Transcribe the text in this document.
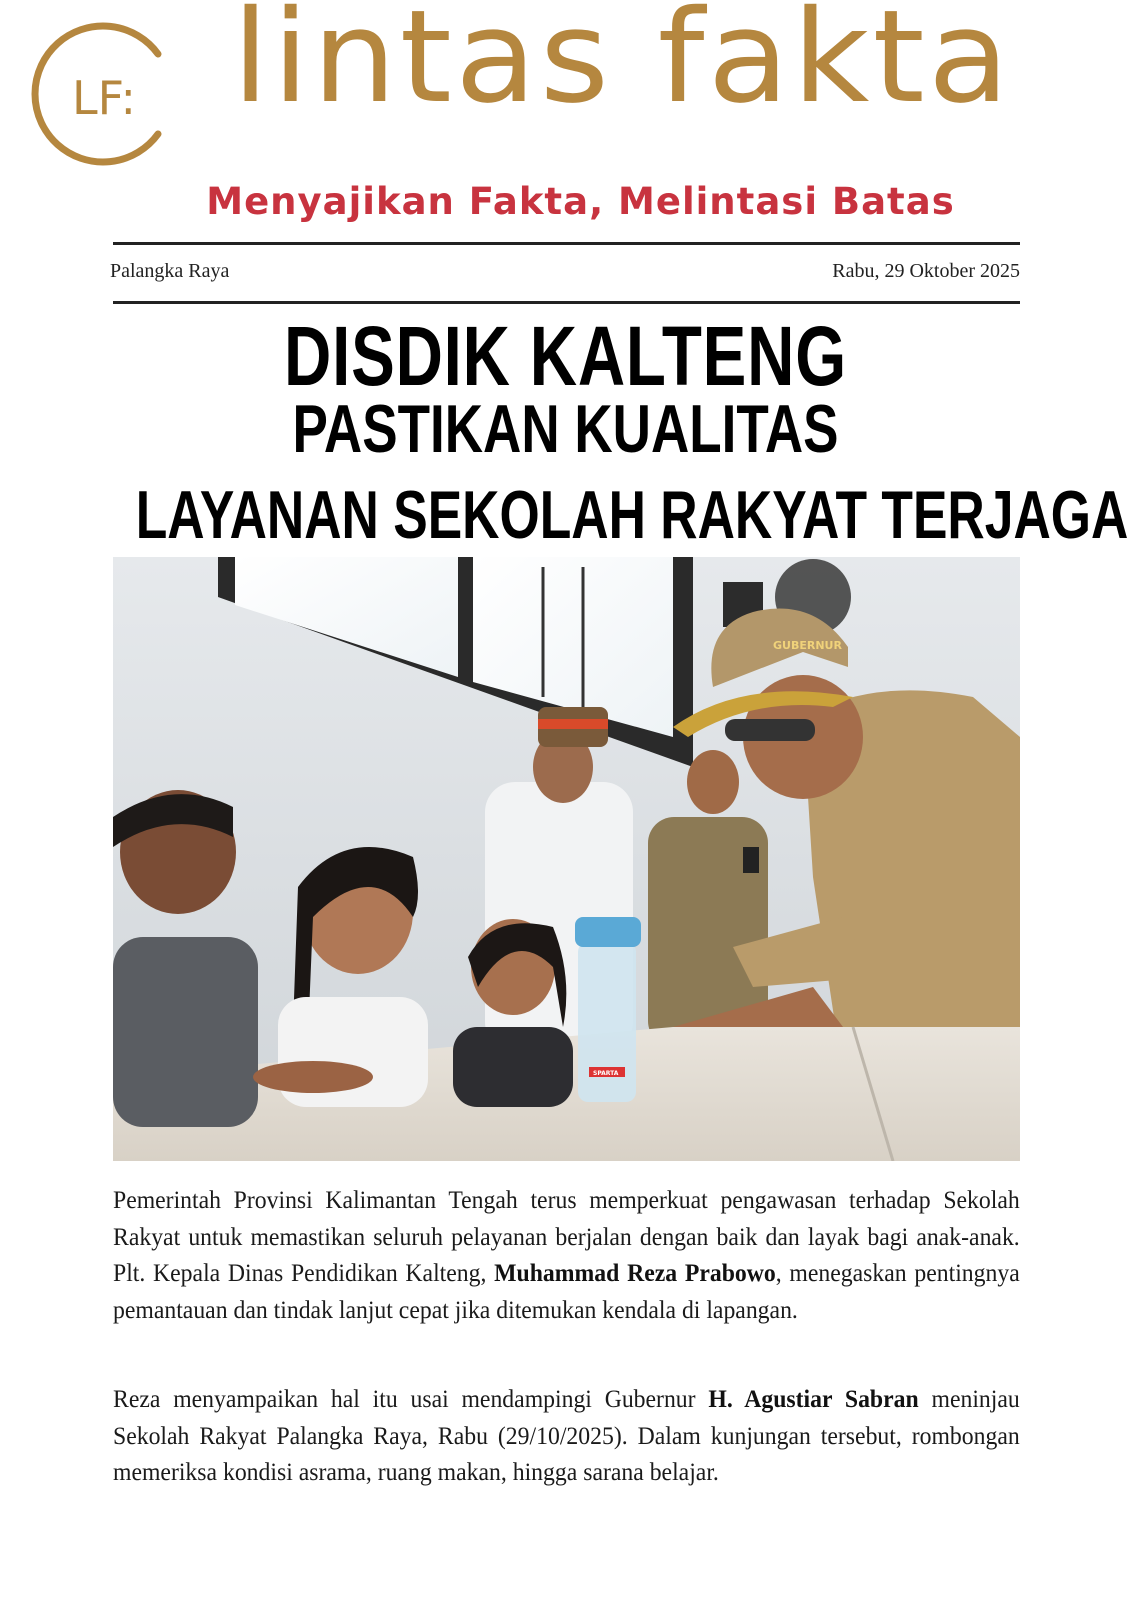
LF: lintas fakta
Menyajikan Fakta, Melintasi Batas
Palangka Raya	Rabu, 29 Oktober 2025
DISDIK KALTENG
PASTIKAN KUALITAS
LAYANAN SEKOLAH RAKYAT TERJAGA
GUBERNUR
SPARTA
Pemerintah Provinsi Kalimantan Tengah terus memperkuat pengawasan terhadap Sekolah Rakyat untuk memastikan seluruh pelayanan berjalan dengan baik dan layak bagi anak-anak. Plt. Kepala Dinas Pendidikan Kalteng, Muhammad Reza Prabowo, menegaskan pentingnya pemantauan dan tindak lanjut cepat jika ditemukan kendala di lapangan.
Reza menyampaikan hal itu usai mendampingi Gubernur H. Agustiar Sabran meninjau Sekolah Rakyat Palangka Raya, Rabu (29/10/2025). Dalam kunjungan tersebut, rombongan memeriksa kondisi asrama, ruang makan, hingga sarana belajar.
